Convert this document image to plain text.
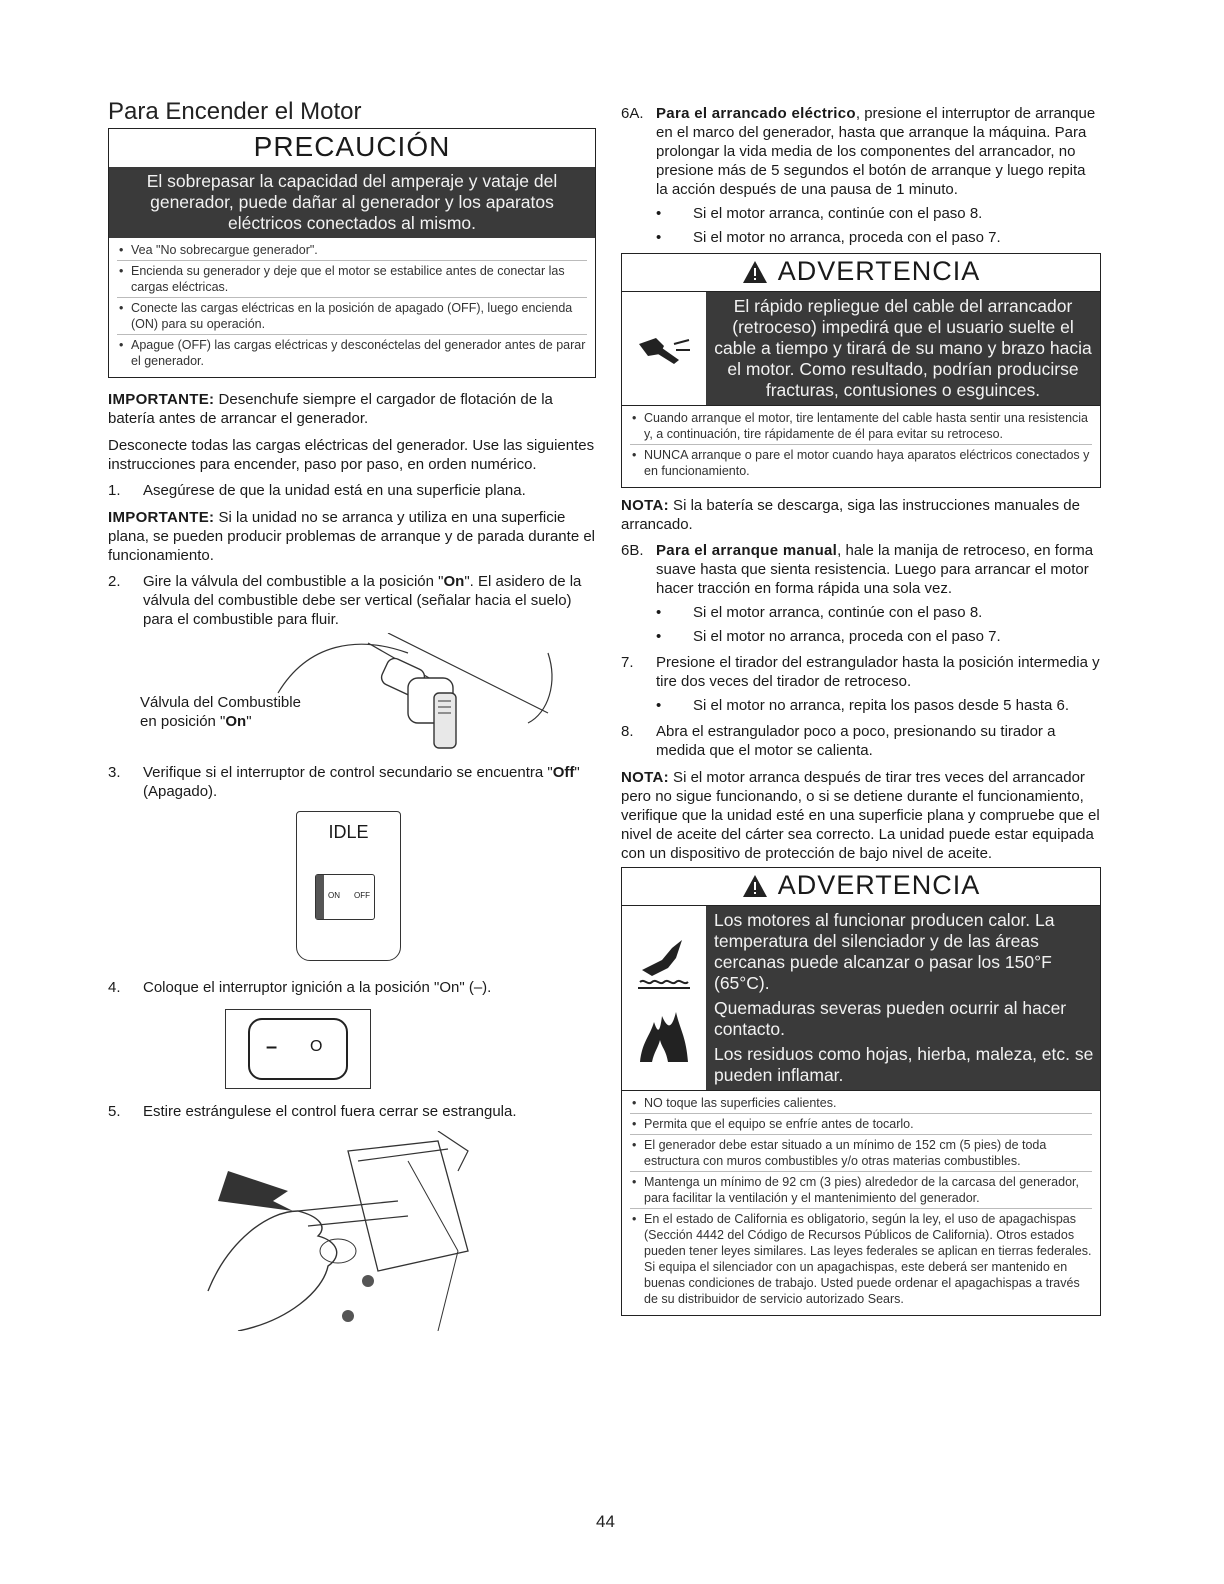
Para Encender el Motor
PRECAUCIÓN
El sobrepasar la capacidad del amperaje y vataje del generador, puede dañar al generador y los aparatos eléctricos conectados al mismo.
• Vea "No sobrecargue generador".
• Encienda su generador y deje que el motor se estabilice antes de conectar las cargas eléctricas.
• Conecte las cargas eléctricas en la posición de apagado (OFF), luego encienda (ON) para su operación.
• Apague (OFF) las cargas eléctricas y desconéctelas del generador antes de parar el generador.

IMPORTANTE: Desenchufe siempre el cargador de flotación de la batería antes de arrancar el generador.

Desconecte todas las cargas eléctricas del generador. Use las siguientes instrucciones para encender, paso por paso, en orden numérico.

1. Asegúrese de que la unidad está en una superficie plana.

IMPORTANTE: Si la unidad no se arranca y utiliza en una superficie plana, se pueden producir problemas de arranque y de parada durante el funcionamiento.

2. Gire la válvula del combustible a la posición "On". El asidero de la válvula del combustible debe ser vertical (señalar hacia el suelo) para el combustible para fluir.
Válvula del Combustible
en posición "On"
3. Verifique si el interruptor de control secundario se encuentra "Off" (Apagado).
IDLE
ON OFF
4. Coloque el interruptor ignición a la posición "On" (–).
– O
5. Estire estrángulese el control fuera cerrar se estrangula.
6A. Para el arrancado eléctrico, presione el interruptor de arranque en el marco del generador, hasta que arranque la máquina. Para prolongar la vida media de los componentes del arrancador, no presione más de 5 segundos el botón de arranque y luego repita la acción después de una pausa de 1 minuto.
• Si el motor arranca, continúe con el paso 8.
• Si el motor no arranca, proceda con el paso 7.
ADVERTENCIA
El rápido repliegue del cable del arrancador (retroceso) impedirá que el usuario suelte el cable a tiempo y tirará de su mano y brazo hacia el motor. Como resultado, podrían producirse fracturas, contusiones o esguinces.
• Cuando arranque el motor, tire lentamente del cable hasta sentir una resistencia y, a continuación, tire rápidamente de él para evitar su retroceso.
• NUNCA arranque o pare el motor cuando haya aparatos eléctricos conectados y en funcionamiento.

NOTA: Si la batería se descarga, siga las instrucciones manuales de arrancado.

6B. Para el arranque manual, hale la manija de retroceso, en forma suave hasta que sienta resistencia. Luego para arrancar el motor hacer tracción en forma rápida una sola vez.
• Si el motor arranca, continúe con el paso 8.
• Si el motor no arranca, proceda con el paso 7.
7. Presione el tirador del estrangulador hasta la posición intermedia y tire dos veces del tirador de retroceso.
• Si el motor no arranca, repita los pasos desde 5 hasta 6.
8. Abra el estrangulador poco a poco, presionando su tirador a medida que el motor se calienta.

NOTA: Si el motor arranca después de tirar tres veces del arrancador pero no sigue funcionando, o si se detiene durante el funcionamiento, verifique que la unidad esté en una superficie plana y compruebe que el nivel de aceite del cárter sea correcto. La unidad puede estar equipada con un dispositivo de protección de bajo nivel de aceite.

ADVERTENCIA
Los motores al funcionar producen calor. La temperatura del silenciador y de las áreas cercanas puede alcanzar o pasar los 150°F (65°C).
Quemaduras severas pueden ocurrir al hacer contacto.
Los residuos como hojas, hierba, maleza, etc. se pueden inflamar.
• NO toque las superficies calientes.
• Permita que el equipo se enfríe antes de tocarlo.
• El generador debe estar situado a un mínimo de 152 cm (5 pies) de toda estructura con muros combustibles y/o otras materias combustibles.
• Mantenga un mínimo de 92 cm (3 pies) alrededor de la carcasa del generador, para facilitar la ventilación y el mantenimiento del generador.
• En el estado de California es obligatorio, según la ley, el uso de apagachispas (Sección 4442 del Código de Recursos Públicos de California). Otros estados pueden tener leyes similares. Las leyes federales se aplican en tierras federales. Si equipa el silenciador con un apagachispas, este deberá ser mantenido en buenas condiciones de trabajo. Usted puede ordenar el apagachispas a través de su distribuidor de servicio autorizado Sears.
44
